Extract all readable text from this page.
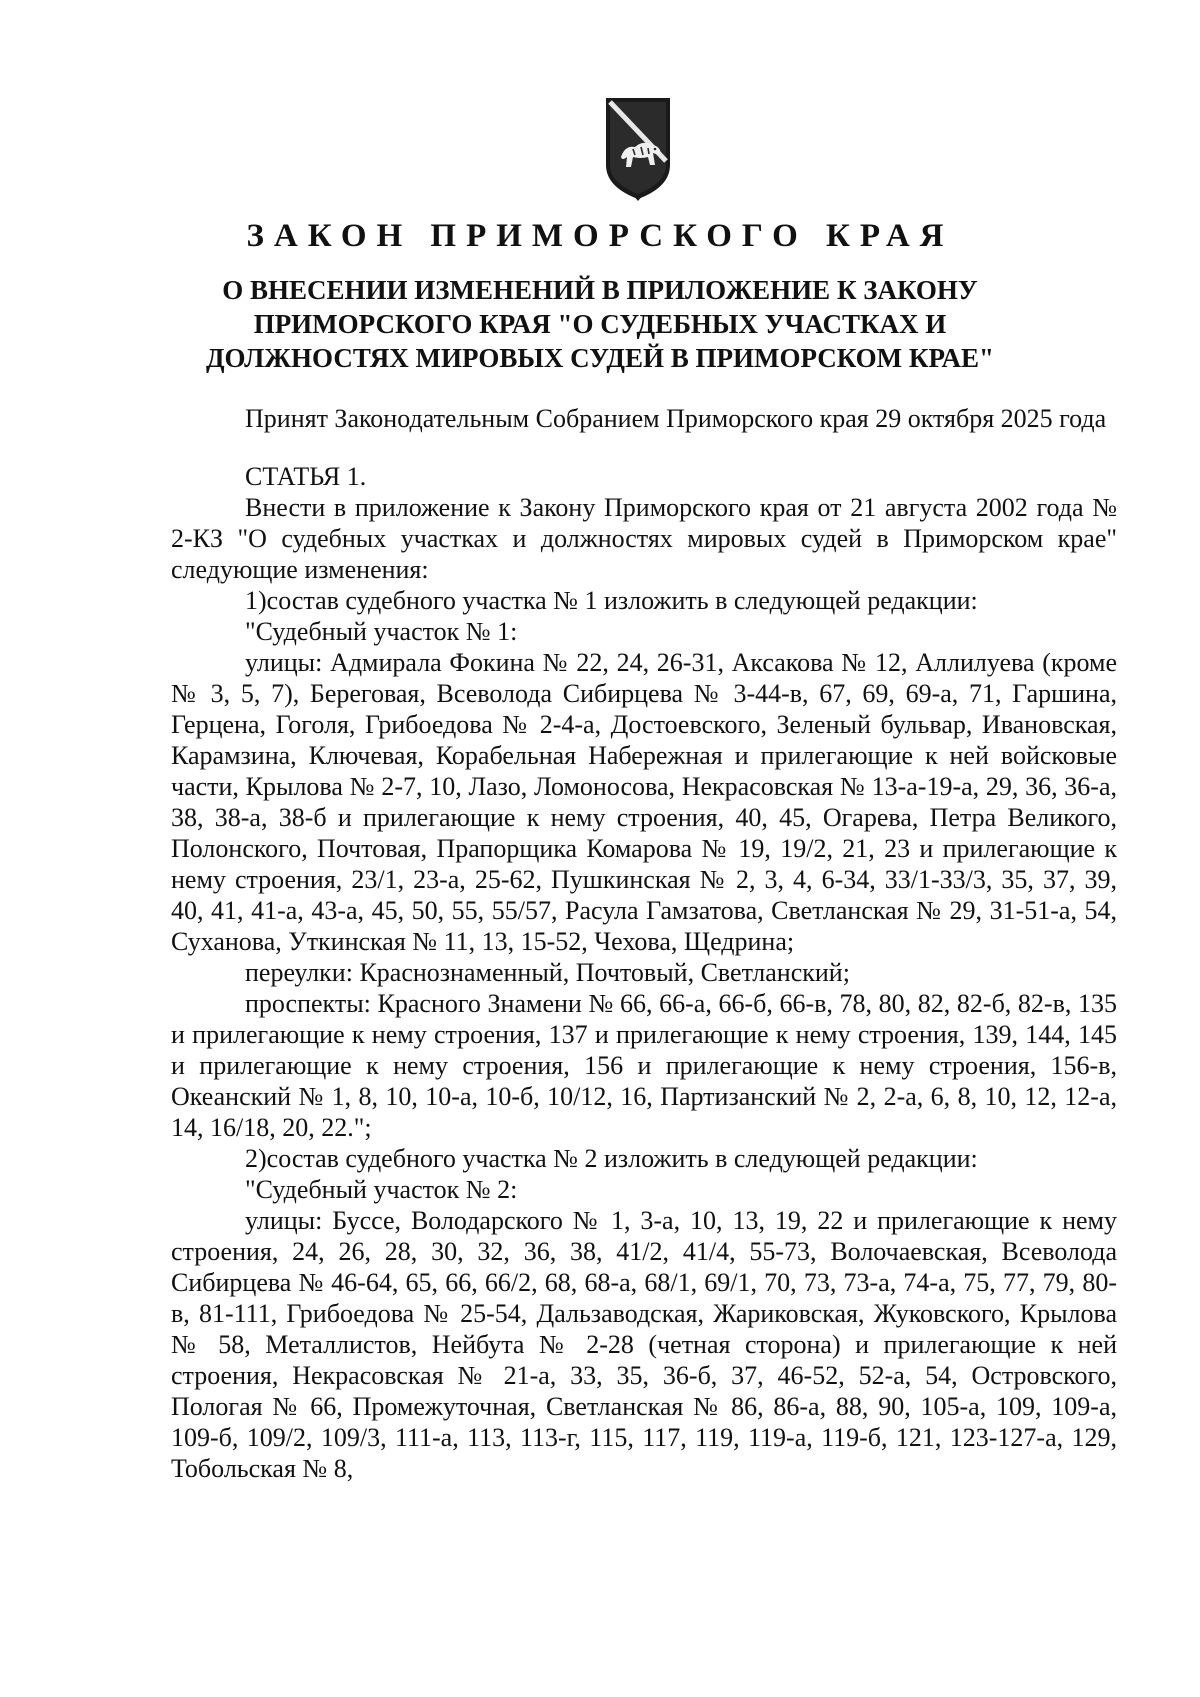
ЗАКОН ПРИМОРСКОГО КРАЯ
О ВНЕСЕНИИ ИЗМЕНЕНИЙ В ПРИЛОЖЕНИЕ К ЗАКОНУ ПРИМОРСКОГО КРАЯ "О СУДЕБНЫХ УЧАСТКАХ И ДОЛЖНОСТЯХ МИРОВЫХ СУДЕЙ В ПРИМОРСКОМ КРАЕ"

Принят Законодательным Собранием Приморского края 29 октября 2025 года

СТАТЬЯ 1.

Внести в приложение к Закону Приморского края от 21 августа 2002 года № 2-КЗ "О судебных участках и должностях мировых судей в Приморском крае" следующие изменения:

1)состав судебного участка № 1 изложить в следующей редакции:

"Судебный участок № 1:

улицы: Адмирала Фокина № 22, 24, 26-31, Аксакова № 12, Аллилуева (кроме № 3, 5, 7), Береговая, Всеволода Сибирцева № 3-44-в, 67, 69, 69-а, 71, Гаршина, Герцена, Гоголя, Грибоедова № 2-4-а, Достоевского, Зеленый бульвар, Ивановская, Карамзина, Ключевая, Корабельная Набережная и прилегающие к ней войсковые части, Крылова № 2-7, 10, Лазо, Ломоносова, Некрасовская № 13-а-19-а, 29, 36, 36-а, 38, 38-а, 38-б и прилегающие к нему строения, 40, 45, Огарева, Петра Великого, Полонского, Почтовая, Прапорщика Комарова № 19, 19/2, 21, 23 и прилегающие к нему строения, 23/1, 23-а, 25-62, Пушкинская № 2, 3, 4, 6-34, 33/1-33/3, 35, 37, 39, 40, 41, 41-а, 43-а, 45, 50, 55, 55/57, Расула Гамзатова, Светланская № 29, 31-51-а, 54, Суханова, Уткинская № 11, 13, 15-52, Чехова, Щедрина;

переулки: Краснознаменный, Почтовый, Светланский;

проспекты: Красного Знамени № 66, 66-а, 66-б, 66-в, 78, 80, 82, 82-б, 82-в, 135 и прилегающие к нему строения, 137 и прилегающие к нему строения, 139, 144, 145 и прилегающие к нему строения, 156 и прилегающие к нему строения, 156-в, Океанский № 1, 8, 10, 10-а, 10-б, 10/12, 16, Партизанский № 2, 2-а, 6, 8, 10, 12, 12-а, 14, 16/18, 20, 22.";

2)состав судебного участка № 2 изложить в следующей редакции:

"Судебный участок № 2:

улицы: Буссе, Володарского № 1, 3-а, 10, 13, 19, 22 и прилегающие к нему строения, 24, 26, 28, 30, 32, 36, 38, 41/2, 41/4, 55-73, Волочаевская, Всеволода Сибирцева № 46-64, 65, 66, 66/2, 68, 68-а, 68/1, 69/1, 70, 73, 73-а, 74-а, 75, 77, 79, 80-в, 81-111, Грибоедова № 25-54, Дальзаводская, Жариковская, Жуковского, Крылова № 58, Металлистов, Нейбута № 2-28 (четная сторона) и прилегающие к ней строения, Некрасовская № 21-а, 33, 35, 36-б, 37, 46-52, 52-а, 54, Островского, Пологая № 66, Промежуточная, Светланская № 86, 86-а, 88, 90, 105-а, 109, 109-а, 109-б, 109/2, 109/3, 111-а, 113, 113-г, 115, 117, 119, 119-а, 119-б, 121, 123-127-а, 129, Тобольская № 8,
